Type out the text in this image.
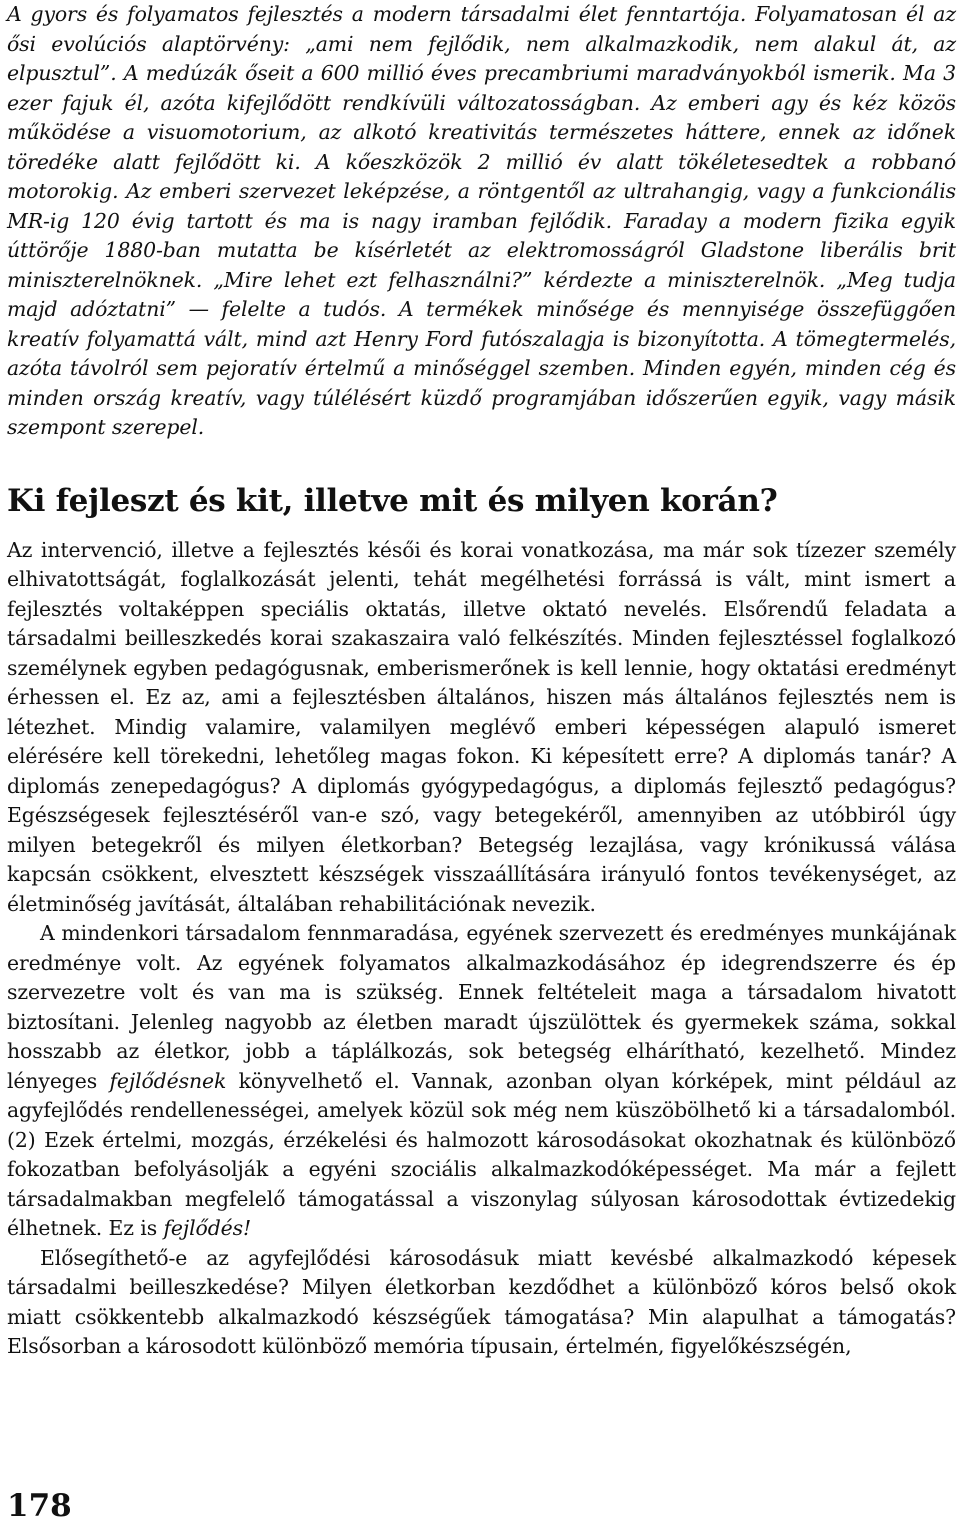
A gyors és folyamatos fejlesztés a modern társadalmi élet fenntartója. Folyamatosan él az ősi evolúciós alaptörvény: „ami nem fejlődik, nem alkalmazkodik, nem alakul át, az elpusztul”. A medúzák őseit a 600 millió éves precambriumi maradványokból ismerik. Ma 3 ezer fajuk él, azóta kifejlődött rendkívüli változatosságban. Az emberi agy és kéz közös működése a visuomotorium, az alkotó kreativitás természetes háttere, ennek az időnek töredéke alatt fejlődött ki. A kőeszközök 2 millió év alatt tökéletesedtek a robbanó motorokig. Az emberi szervezet leképzése, a röntgentől az ultrahangig, vagy a funkcionális MR-ig 120 évig tartott és ma is nagy iramban fejlődik. Faraday a modern fizika egyik úttörője 1880-ban mutatta be kísérletét az elektromosságról Gladstone liberális brit miniszterelnöknek. „Mire lehet ezt felhasználni?” kérdezte a miniszterelnök. „Meg tudja majd adóztatni” — felelte a tudós. A termékek minősége és mennyisége összefüggően kreatív folyamattá vált, mind azt Henry Ford futószalagja is bizonyította. A tömegtermelés, azóta távolról sem pejoratív értelmű a minőséggel szemben. Minden egyén, minden cég és minden ország kreatív, vagy túlélésért küzdő programjában időszerűen egyik, vagy másik szempont szerepel.

Ki fejleszt és kit, illetve mit és milyen korán?

Az intervenció, illetve a fejlesztés késői és korai vonatkozása, ma már sok tízezer személy elhivatottságát, foglalkozását jelenti, tehát megélhetési forrássá is vált, mint ismert a fejlesztés voltaképpen speciális oktatás, illetve oktató nevelés. Elsőrendű feladata a társadalmi beilleszkedés korai szakaszaira való felkészítés. Minden fejlesztéssel foglalkozó személynek egyben pedagógusnak, emberismerőnek is kell lennie, hogy oktatási eredményt érhessen el. Ez az, ami a fejlesztésben általános, hiszen más általános fejlesztés nem is létezhet. Mindig valamire, valamilyen meglévő emberi képességen alapuló ismeret elérésére kell törekedni, lehetőleg magas fokon. Ki képesített erre? A diplomás tanár? A diplomás zenepedagógus? A diplomás gyógypedagógus, a diplomás fejlesztő pedagógus? Egészségesek fejlesztéséről van-e szó, vagy betegekéről, amennyiben az utóbbiról úgy milyen betegekről és milyen életkorban? Betegség lezajlása, vagy krónikussá válása kapcsán csökkent, elvesztett készségek visszaállítására irányuló fontos tevékenységet, az életminőség javítását, általában rehabilitációnak nevezik.

A mindenkori társadalom fennmaradása, egyének szervezett és eredményes munkájának eredménye volt. Az egyének folyamatos alkalmazkodásához ép idegrendszerre és ép szervezetre volt és van ma is szükség. Ennek feltételeit maga a társadalom hivatott biztosítani. Jelenleg nagyobb az életben maradt újszülöttek és gyermekek száma, sokkal hosszabb az életkor, jobb a táplálkozás, sok betegség elhárítható, kezelhető. Mindez lényeges fejlődésnek könyvelhető el. Vannak, azonban olyan kórképek, mint például az agyfejlődés rendellenességei, amelyek közül sok még nem küszöbölhető ki a társadalomból. (2) Ezek értelmi, mozgás, érzékelési és halmozott károsodásokat okozhatnak és különböző fokozatban befolyásolják a egyéni szociális alkalmazkodóképességet. Ma már a fejlett társadalmakban megfelelő támogatással a viszonylag súlyosan károsodottak évtizedekig élhetnek. Ez is fejlődés!

Elősegíthető-e az agyfejlődési károsodásuk miatt kevésbé alkalmazkodó képesek társadalmi beilleszkedése? Milyen életkorban kezdődhet a különböző kóros belső okok miatt csökkentebb alkalmazkodó készségűek támogatása? Min alapulhat a támogatás? Elsősorban a károsodott különböző memória típusain, értelmén, figyelőkészségén,

178
